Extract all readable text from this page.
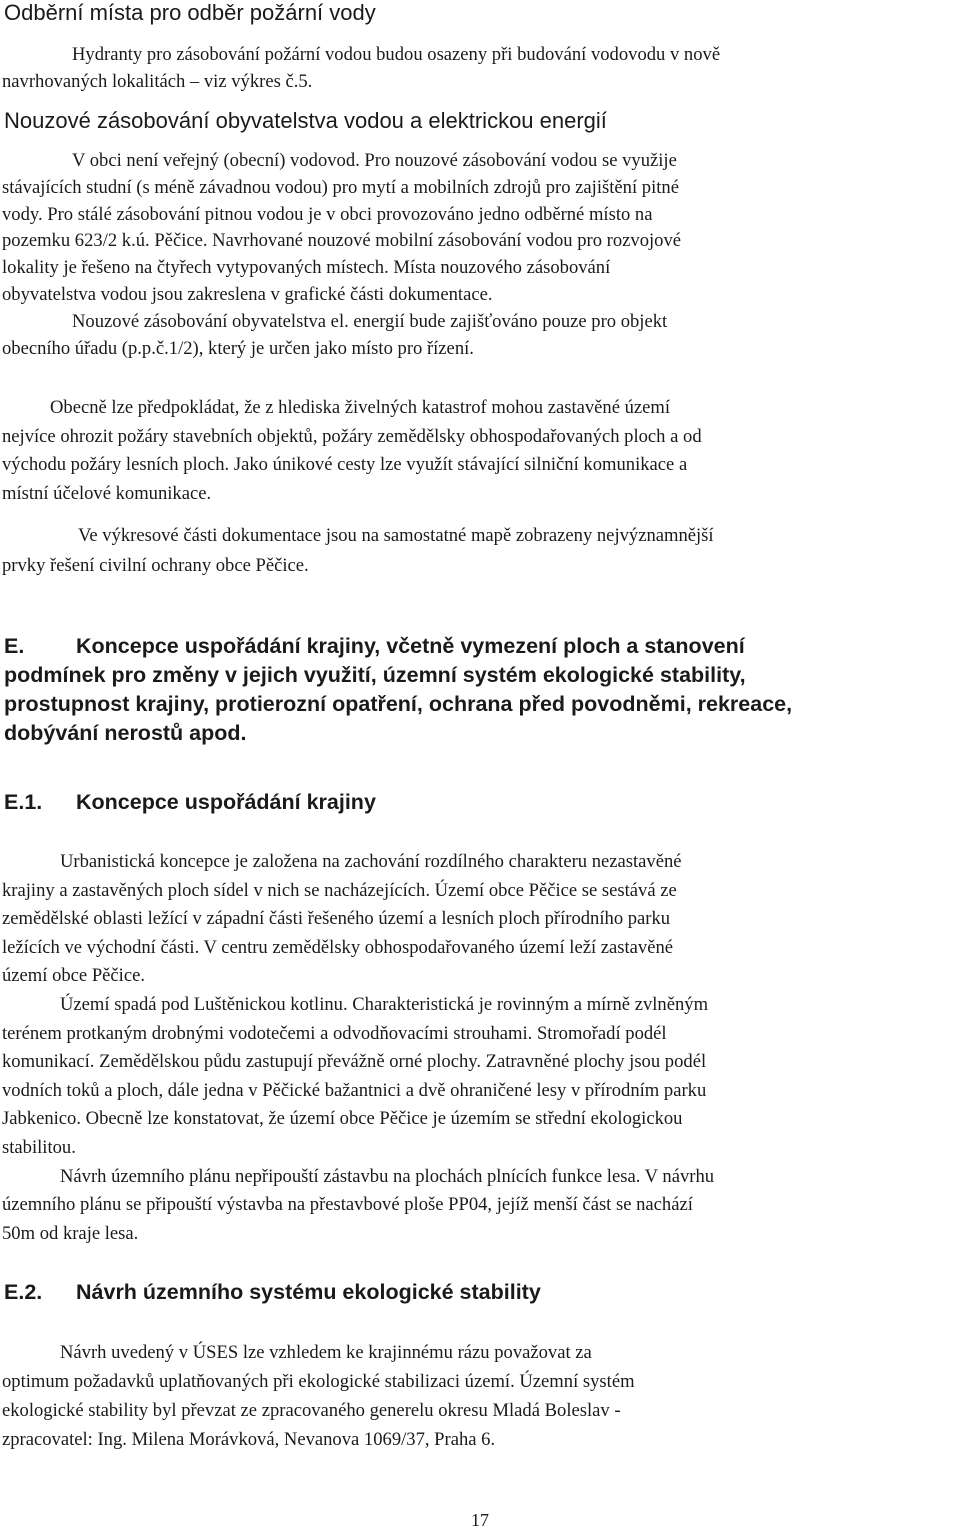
Odběrní místa pro odběr požární vody
Hydranty pro zásobování požární vodou budou osazeny při budování vodovodu v nově
navrhovaných lokalitách – viz výkres č.5.
Nouzové zásobování obyvatelstva vodou a elektrickou energií
V obci není veřejný (obecní) vodovod. Pro nouzové zásobování vodou se využije
stávajících studní (s méně závadnou vodou) pro mytí a mobilních zdrojů pro zajištění pitné
vody. Pro stálé zásobování pitnou vodou je v obci provozováno jedno odběrné místo na
pozemku 623/2 k.ú. Pěčice. Navrhované nouzové mobilní zásobování vodou pro rozvojové
lokality je řešeno na čtyřech vytypovaných místech. Místa nouzového zásobování
obyvatelstva vodou jsou zakreslena v grafické části dokumentace.
Nouzové zásobování obyvatelstva el. energií bude zajišťováno pouze pro objekt
obecního úřadu (p.p.č.1/2), který je určen jako místo pro řízení.
Obecně lze předpokládat, že z hlediska živelných katastrof mohou zastavěné území
nejvíce ohrozit požáry stavebních objektů, požáry zemědělsky obhospodařovaných ploch a od
východu požáry lesních ploch. Jako únikové cesty lze využít stávající silniční komunikace a
místní účelové komunikace.
Ve výkresové části dokumentace jsou na samostatné mapě zobrazeny nejvýznamnější
prvky řešení civilní ochrany obce Pěčice.
E. Koncepce uspořádání krajiny, včetně vymezení ploch a stanovení
podmínek pro změny v jejich využití, územní systém ekologické stability,
prostupnost krajiny, protierozní opatření, ochrana před povodněmi, rekreace,
dobývání nerostů apod.
E.1. Koncepce uspořádání krajiny
Urbanistická koncepce je založena na zachování rozdílného charakteru nezastavěné
krajiny a zastavěných ploch sídel v nich se nacházejících. Území obce Pěčice se sestává ze
zemědělské oblasti ležící v západní části řešeného území a lesních ploch přírodního parku
ležících ve východní části. V centru zemědělsky obhospodařovaného území leží zastavěné
území obce Pěčice.
Území spadá pod Luštěnickou kotlinu. Charakteristická je rovinným a mírně zvlněným
terénem protkaným drobnými vodotečemi a odvodňovacími strouhami. Stromořadí podél
komunikací. Zemědělskou půdu zastupují převážně orné plochy. Zatravněné plochy jsou podél
vodních toků a ploch, dále jedna v Pěčické bažantnici a dvě ohraničené lesy v přírodním parku
Jabkenico. Obecně lze konstatovat, že území obce Pěčice je územím se střední ekologickou
stabilitou.
Návrh územního plánu nepřipouští zástavbu na plochách plnících funkce lesa. V návrhu
územního plánu se připouští výstavba na přestavbové ploše PP04, jejíž menší část se nachází
50m od kraje lesa.
E.2. Návrh územního systému ekologické stability
Návrh uvedený v ÚSES lze vzhledem ke krajinnému rázu považovat za
optimum požadavků uplatňovaných při ekologické stabilizaci území. Územní systém
ekologické stability byl převzat ze zpracovaného generelu okresu Mladá Boleslav -
zpracovatel: Ing. Milena Morávková, Nevanova 1069/37, Praha 6.
17
